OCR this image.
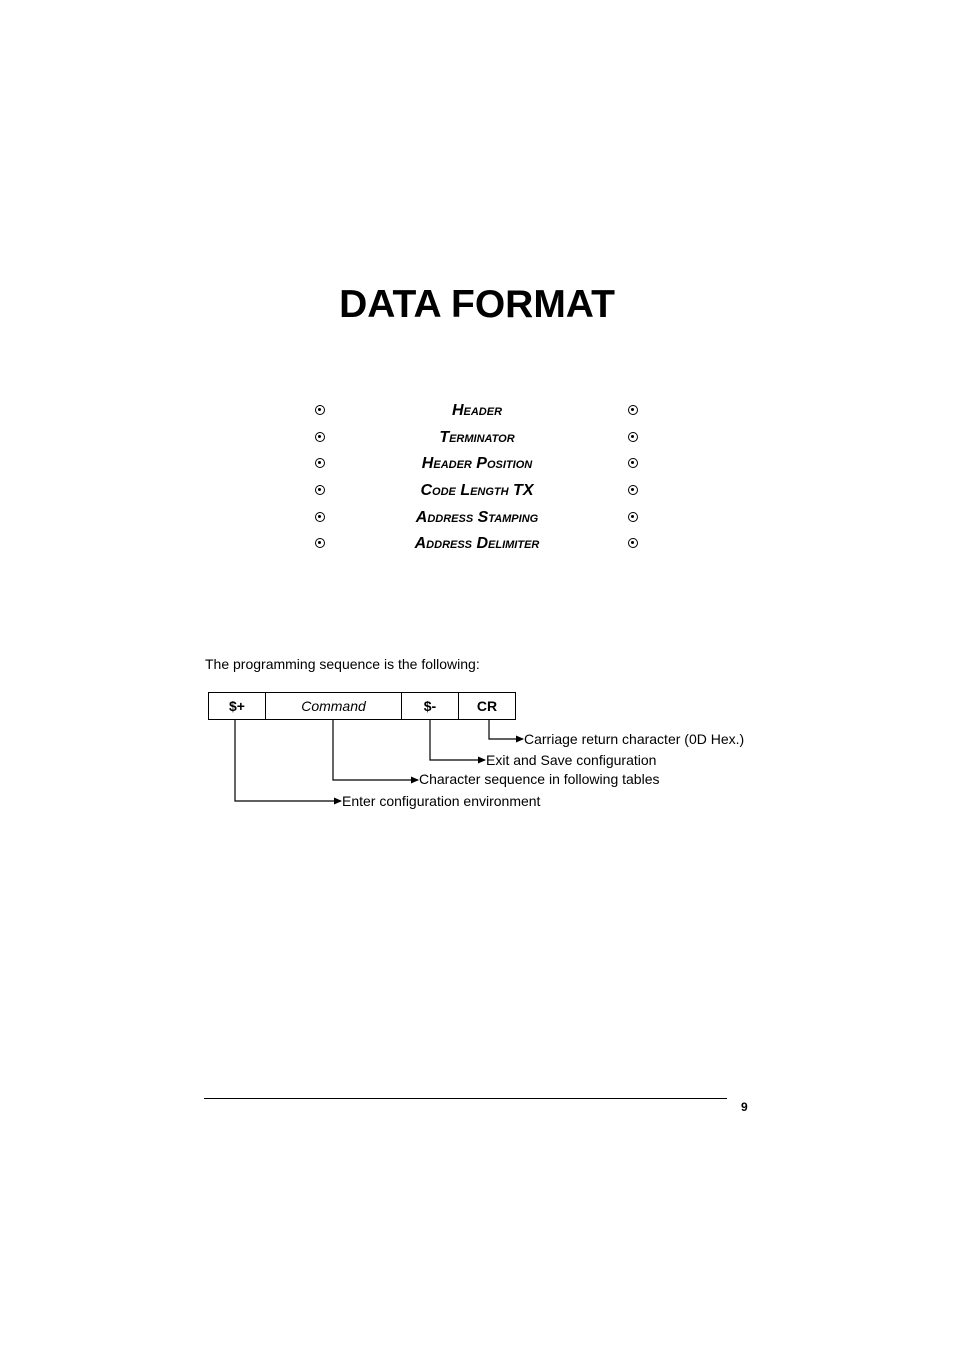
DATA FORMAT
Header
Terminator
Header Position
Code Length TX
Address Stamping
Address Delimiter
The programming sequence is the following:
$+	Command	$-	CR
Carriage return character (0D Hex.)
Exit and Save configuration
Character sequence in following tables
Enter configuration environment
9
